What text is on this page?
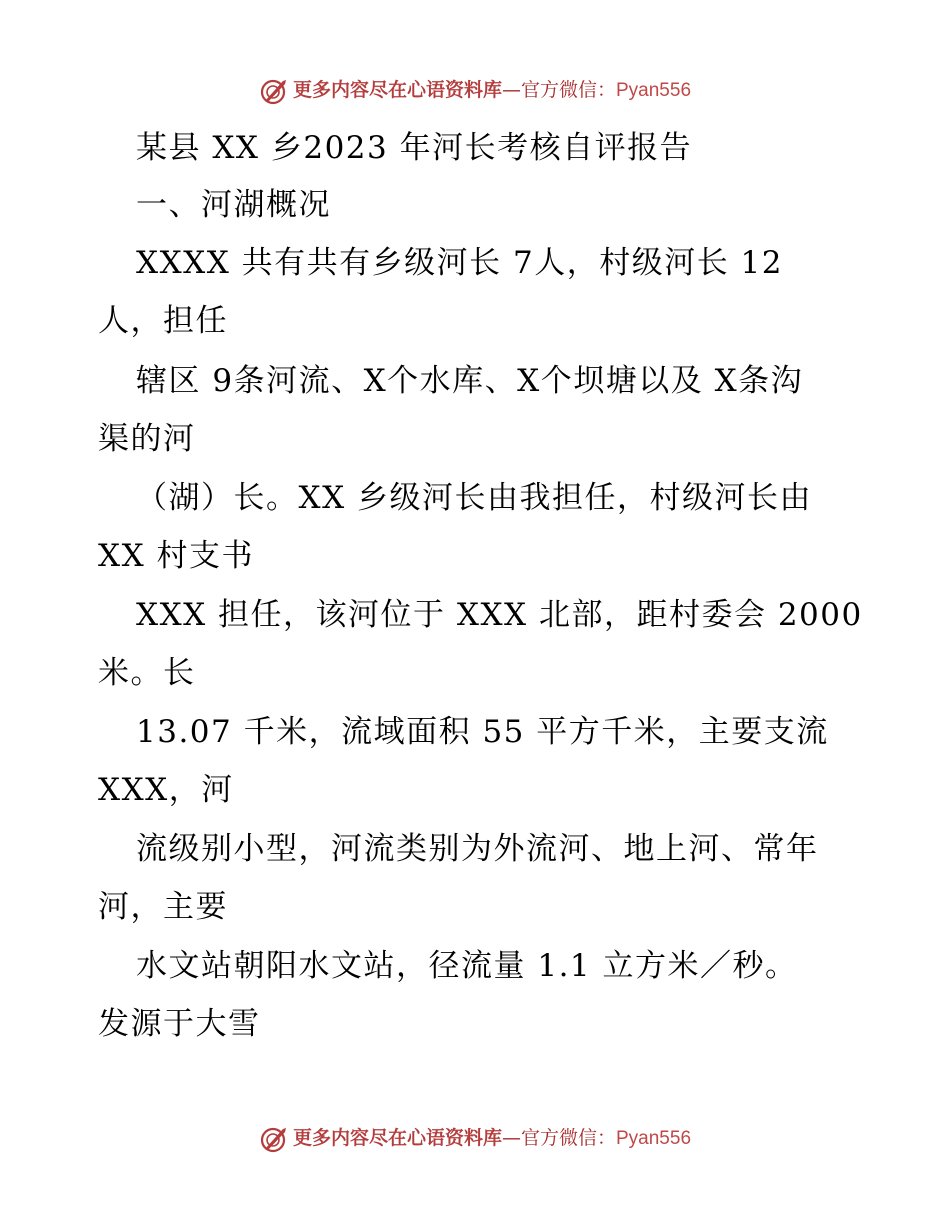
更多内容尽在心语资料库—官方微信：Pyan556
某县 XX 乡2023 年河长考核自评报告
一、河湖概况
XXXX 共有共有乡级河长 7人，村级河长 12
人，担任
辖区 9条河流、X个水库、X个坝塘以及 X条沟
渠的河
（湖）长。XX 乡级河长由我担任，村级河长由
XX 村支书
XXX 担任，该河位于 XXX 北部，距村委会 2000
米。长
13.07 千米，流域面积 55 平方千米，主要支流
XXX，河
流级别小型，河流类别为外流河、地上河、常年
河，主要
水文站朝阳水文站，径流量 1.1 立方米／秒。
发源于大雪
更多内容尽在心语资料库—官方微信：Pyan556
